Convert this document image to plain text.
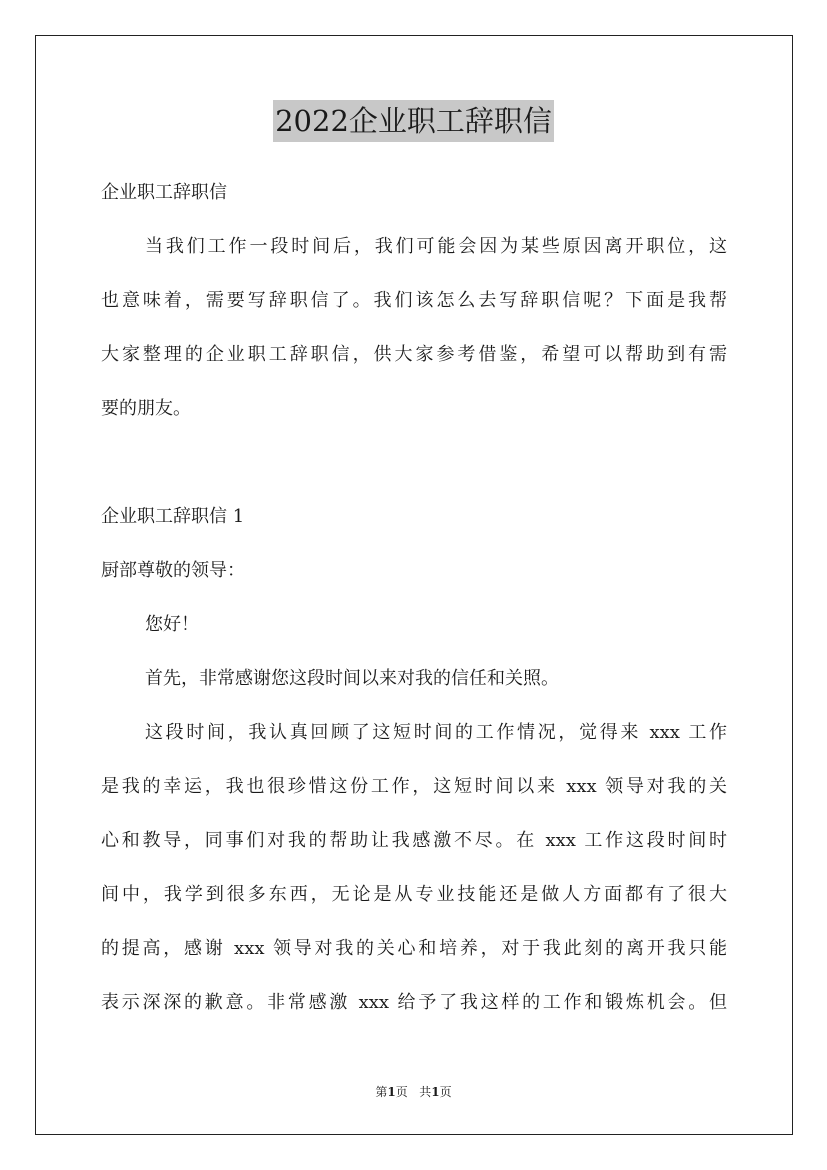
2022企业职工辞职信
企业职工辞职信
当我们工作一段时间后，我们可能会因为某些原因离开职位，这
也意味着，需要写辞职信了。我们该怎么去写辞职信呢？下面是我帮
大家整理的企业职工辞职信，供大家参考借鉴，希望可以帮助到有需
要的朋友。
企业职工辞职信 1
厨部尊敬的领导：
您好！
首先，非常感谢您这段时间以来对我的信任和关照。
这段时间，我认真回顾了这短时间的工作情况，觉得来 xxx 工作
是我的幸运，我也很珍惜这份工作，这短时间以来 xxx 领导对我的关
心和教导，同事们对我的帮助让我感激不尽。在 xxx 工作这段时间时
间中，我学到很多东西，无论是从专业技能还是做人方面都有了很大
的提高，感谢 xxx 领导对我的关心和培养，对于我此刻的离开我只能
表示深深的歉意。非常感激 xxx 给予了我这样的工作和锻炼机会。但
第1页 共1页
